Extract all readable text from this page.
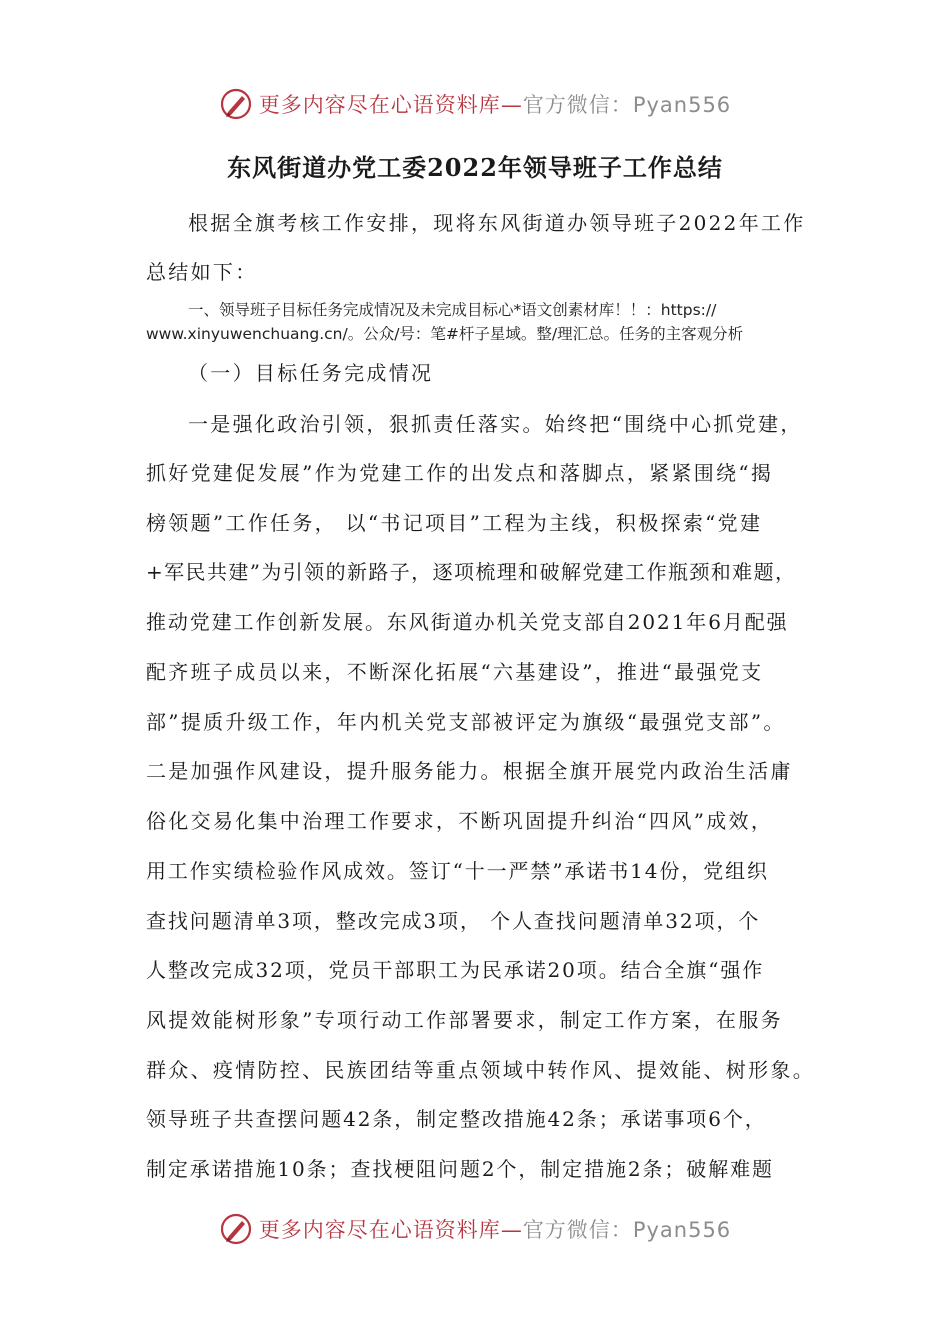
更多内容尽在心语资料库—官方微信：Pyan556
东风街道办党工委2022年领导班子工作总结
根据全旗考核工作安排，现将东风街道办领导班子2022年工作
总结如下：
一、领导班子目标任务完成情况及未完成目标心*语文创素材库！！：https://
www.xinyuwenchuang.cn/。公众/号：笔#杆子星域。整/理汇总。任务的主客观分析
（一）目标任务完成情况
一是强化政治引领，狠抓责任落实。始终把“围绕中心抓党建，
抓好党建促发展”作为党建工作的出发点和落脚点，紧紧围绕“揭
榜领题”工作任务， 以“书记项目”工程为主线，积极探索“党建
+军民共建”为引领的新路子，逐项梳理和破解党建工作瓶颈和难题，
推动党建工作创新发展。东风街道办机关党支部自2021年6月配强
配齐班子成员以来，不断深化拓展“六基建设”，推进“最强党支
部”提质升级工作，年内机关党支部被评定为旗级“最强党支部”。
二是加强作风建设，提升服务能力。根据全旗开展党内政治生活庸
俗化交易化集中治理工作要求，不断巩固提升纠治“四风”成效，
用工作实绩检验作风成效。签订“十一严禁”承诺书14份，党组织
查找问题清单3项，整改完成3项， 个人查找问题清单32项，个
人整改完成32项，党员干部职工为民承诺20项。结合全旗“强作
风提效能树形象”专项行动工作部署要求，制定工作方案，在服务
群众、疫情防控、民族团结等重点领域中转作风、提效能、树形象。
领导班子共查摆问题42条，制定整改措施42条；承诺事项6个，
制定承诺措施10条；查找梗阻问题2个，制定措施2条；破解难题
更多内容尽在心语资料库—官方微信：Pyan556
